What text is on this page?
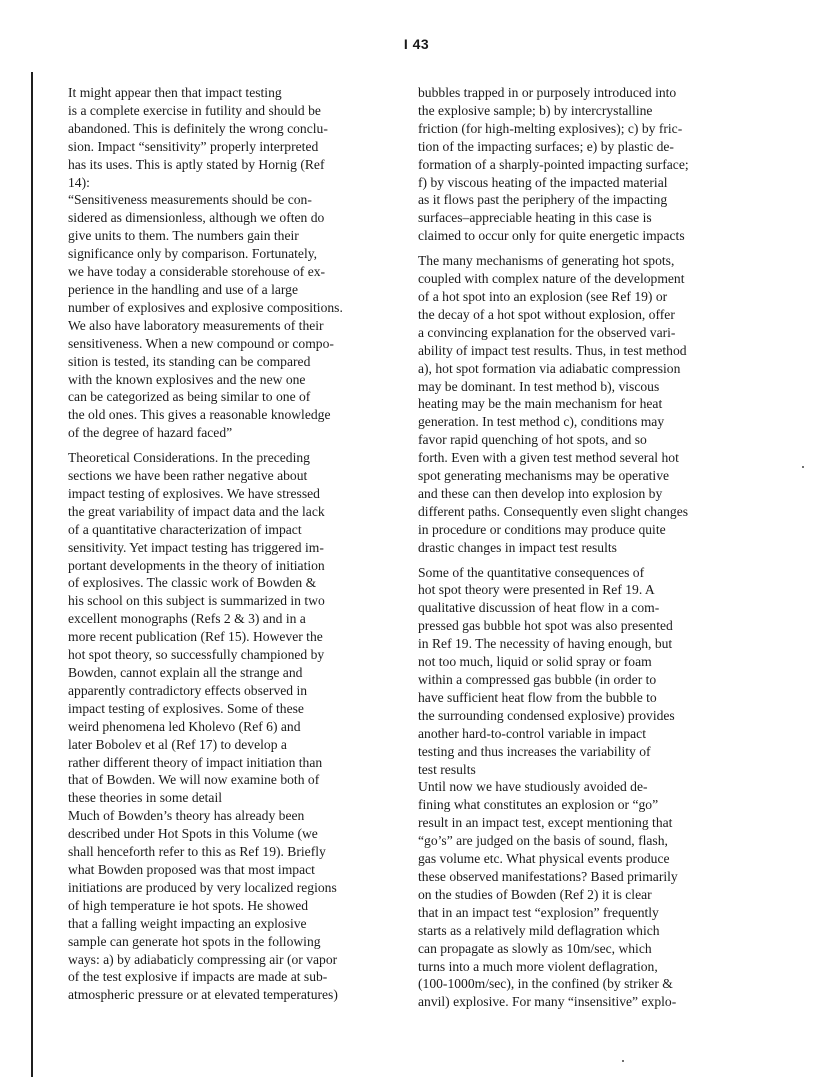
I 43

It might appear then that impact testing
is a complete exercise in futility and should be
abandoned. This is definitely the wrong conclu-
sion. Impact “sensitivity” properly interpreted
has its uses. This is aptly stated by Hornig (Ref
14):

“Sensitiveness measurements should be con-
sidered as dimensionless, although we often do
give units to them. The numbers gain their
significance only by comparison. Fortunately,
we have today a considerable storehouse of ex-
perience in the handling and use of a large
number of explosives and explosive compositions.
We also have laboratory measurements of their
sensitiveness. When a new compound or compo-
sition is tested, its standing can be compared
with the known explosives and the new one
can be categorized as being similar to one of
the old ones. This gives a reasonable knowledge
of the degree of hazard faced”

Theoretical Considerations. In the preceding
sections we have been rather negative about
impact testing of explosives. We have stressed
the great variability of impact data and the lack
of a quantitative characterization of impact
sensitivity. Yet impact testing has triggered im-
portant developments in the theory of initiation
of explosives. The classic work of Bowden &
his school on this subject is summarized in two
excellent monographs (Refs 2 & 3) and in a
more recent publication (Ref 15). However the
hot spot theory, so successfully championed by
Bowden, cannot explain all the strange and
apparently contradictory effects observed in
impact testing of explosives. Some of these
weird phenomena led Kholevo (Ref 6) and
later Bobolev et al (Ref 17) to develop a
rather different theory of impact initiation than
that of Bowden. We will now examine both of
these theories in some detail

Much of Bowden’s theory has already been
described under Hot Spots in this Volume (we
shall henceforth refer to this as Ref 19). Briefly
what Bowden proposed was that most impact
initiations are produced by very localized regions
of high temperature ie hot spots. He showed
that a falling weight impacting an explosive
sample can generate hot spots in the following
ways: a) by adiabaticly compressing air (or vapor
of the test explosive if impacts are made at sub-
atmospheric pressure or at elevated temperatures)

bubbles trapped in or purposely introduced into
the explosive sample; b) by intercrystalline
friction (for high-melting explosives); c) by fric-
tion of the impacting surfaces; e) by plastic de-
formation of a sharply-pointed impacting surface;
f) by viscous heating of the impacted material
as it flows past the periphery of the impacting
surfaces–appreciable heating in this case is
claimed to occur only for quite energetic impacts

The many mechanisms of generating hot spots,
coupled with complex nature of the development
of a hot spot into an explosion (see Ref 19) or
the decay of a hot spot without explosion, offer
a convincing explanation for the observed vari-
ability of impact test results. Thus, in test method
a), hot spot formation via adiabatic compression
may be dominant. In test method b), viscous
heating may be the main mechanism for heat
generation. In test method c), conditions may
favor rapid quenching of hot spots, and so
forth. Even with a given test method several hot
spot generating mechanisms may be operative
and these can then develop into explosion by
different paths. Consequently even slight changes
in procedure or conditions may produce quite
drastic changes in impact test results

Some of the quantitative consequences of
hot spot theory were presented in Ref 19. A
qualitative discussion of heat flow in a com-
pressed gas bubble hot spot was also presented
in Ref 19. The necessity of having enough, but
not too much, liquid or solid spray or foam
within a compressed gas bubble (in order to
have sufficient heat flow from the bubble to
the surrounding condensed explosive) provides
another hard-to-control variable in impact
testing and thus increases the variability of
test results

Until now we have studiously avoided de-
fining what constitutes an explosion or “go”
result in an impact test, except mentioning that
“go’s” are judged on the basis of sound, flash,
gas volume etc. What physical events produce
these observed manifestations? Based primarily
on the studies of Bowden (Ref 2) it is clear
that in an impact test “explosion” frequently
starts as a relatively mild deflagration which
can propagate as slowly as 10m/sec, which
turns into a much more violent deflagration,
(100-1000m/sec), in the confined (by striker &
anvil) explosive. For many “insensitive” explo-
